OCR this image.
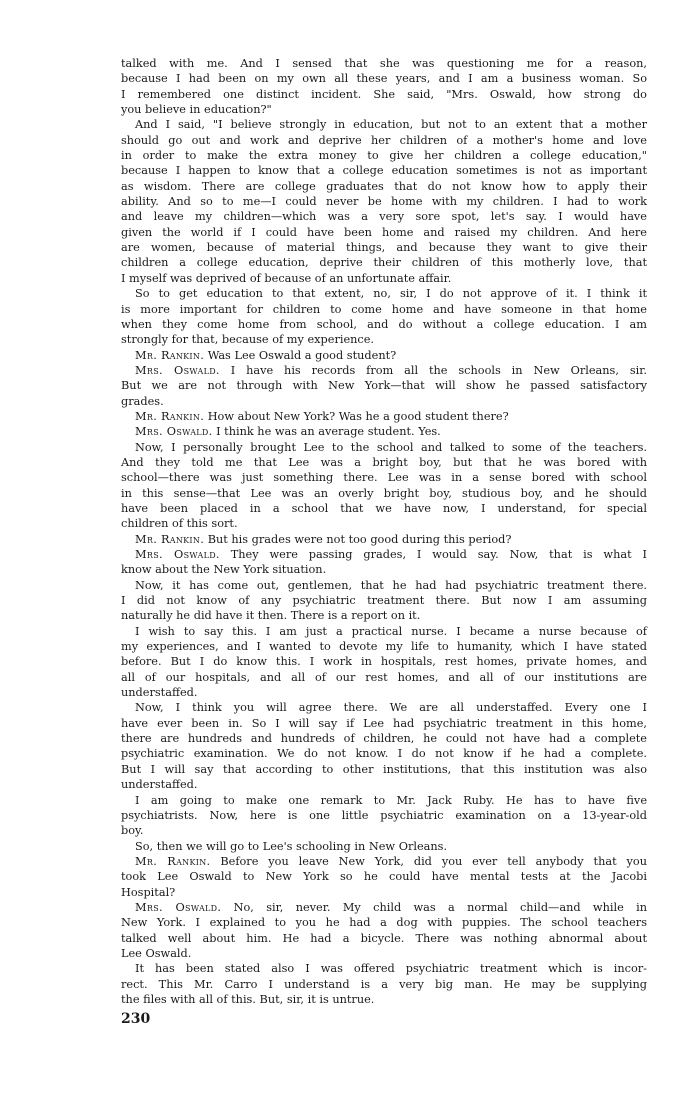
talked with me. And I sensed that she was questioning me for a reason,
because I had been on my own all these years, and I am a business woman. So
I remembered one distinct incident. She said, "Mrs. Oswald, how strong do
you believe in education?"
And I said, "I believe strongly in education, but not to an extent that a mother
should go out and work and deprive her children of a mother's home and love
in order to make the extra money to give her children a college education,"
because I happen to know that a college education sometimes is not as important
as wisdom. There are college graduates that do not know how to apply their
ability. And so to me—I could never be home with my children. I had to work
and leave my children—which was a very sore spot, let's say. I would have
given the world if I could have been home and raised my children. And here
are women, because of material things, and because they want to give their
children a college education, deprive their children of this motherly love, that
I myself was deprived of because of an unfortunate affair.
So to get education to that extent, no, sir, I do not approve of it. I think it
is more important for children to come home and have someone in that home
when they come home from school, and do without a college education. I am
strongly for that, because of my experience.
Mr. Rankin. Was Lee Oswald a good student?
Mrs. Oswald. I have his records from all the schools in New Orleans, sir.
But we are not through with New York—that will show he passed satisfactory
grades.
Mr. Rankin. How about New York? Was he a good student there?
Mrs. Oswald. I think he was an average student. Yes.
Now, I personally brought Lee to the school and talked to some of the teachers.
And they told me that Lee was a bright boy, but that he was bored with
school—there was just something there. Lee was in a sense bored with school
in this sense—that Lee was an overly bright boy, studious boy, and he should
have been placed in a school that we have now, I understand, for special
children of this sort.
Mr. Rankin. But his grades were not too good during this period?
Mrs. Oswald. They were passing grades, I would say. Now, that is what I
know about the New York situation.
Now, it has come out, gentlemen, that he had had psychiatric treatment there.
I did not know of any psychiatric treatment there. But now I am assuming
naturally he did have it then. There is a report on it.
I wish to say this. I am just a practical nurse. I became a nurse because of
my experiences, and I wanted to devote my life to humanity, which I have stated
before. But I do know this. I work in hospitals, rest homes, private homes, and
all of our hospitals, and all of our rest homes, and all of our institutions are
understaffed.
Now, I think you will agree there. We are all understaffed. Every one I
have ever been in. So I will say if Lee had psychiatric treatment in this home,
there are hundreds and hundreds of children, he could not have had a complete
psychiatric examination. We do not know. I do not know if he had a complete.
But I will say that according to other institutions, that this institution was also
understaffed.
I am going to make one remark to Mr. Jack Ruby. He has to have five
psychiatrists. Now, here is one little psychiatric examination on a 13-year-old
boy.
So, then we will go to Lee's schooling in New Orleans.
Mr. Rankin. Before you leave New York, did you ever tell anybody that you
took Lee Oswald to New York so he could have mental tests at the Jacobi
Hospital?
Mrs. Oswald. No, sir, never. My child was a normal child—and while in
New York. I explained to you he had a dog with puppies. The school teachers
talked well about him. He had a bicycle. There was nothing abnormal about
Lee Oswald.
It has been stated also I was offered psychiatric treatment which is incor-
rect. This Mr. Carro I understand is a very big man. He may be supplying
the files with all of this. But, sir, it is untrue.
230
